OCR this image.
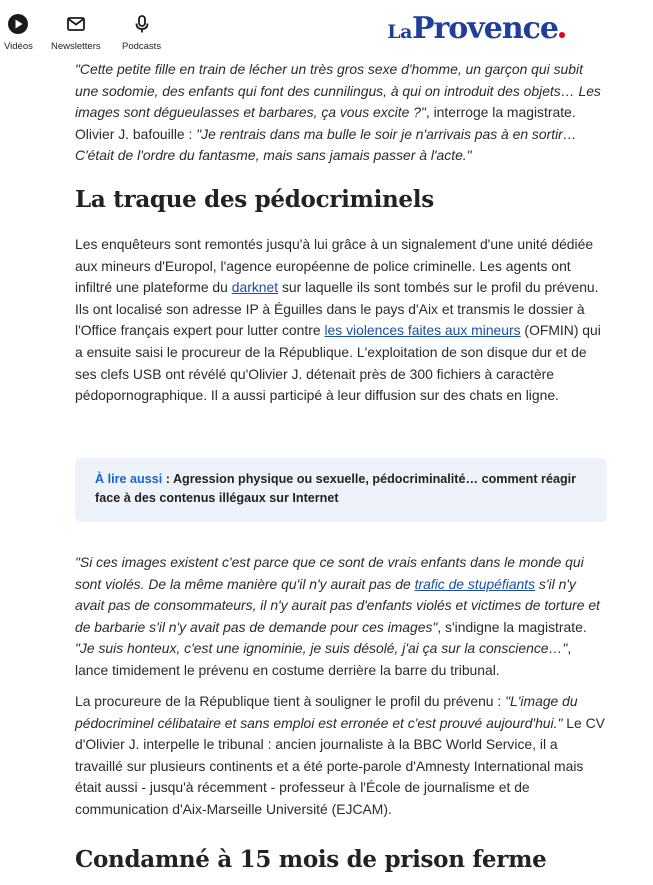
Vidéos Newsletters Podcasts
LaProvence

"Cette petite fille en train de lécher un très gros sexe d'homme, un garçon qui subit une sodomie, des enfants qui font des cunnilingus, à qui on introduit des objets… Les images sont dégueulasses et barbares, ça vous excite ?", interroge la magistrate. Olivier J. bafouille : "Je rentrais dans ma bulle le soir je n'arrivais pas à en sortir… C'était de l'ordre du fantasme, mais sans jamais passer à l'acte."

La traque des pédocriminels

Les enquêteurs sont remontés jusqu'à lui grâce à un signalement d'une unité dédiée aux mineurs d'Europol, l'agence européenne de police criminelle. Les agents ont infiltré une plateforme du darknet sur laquelle ils sont tombés sur le profil du prévenu. Ils ont localisé son adresse IP à Éguilles dans le pays d'Aix et transmis le dossier à l'Office français expert pour lutter contre les violences faites aux mineurs (OFMIN) qui a ensuite saisi le procureur de la République. L'exploitation de son disque dur et de ses clefs USB ont révélé qu'Olivier J. détenait près de 300 fichiers à caractère pédopornographique. Il a aussi participé à leur diffusion sur des chats en ligne.

À lire aussi : Agression physique ou sexuelle, pédocriminalité… comment réagir face à des contenus illégaux sur Internet

"Si ces images existent c'est parce que ce sont de vrais enfants dans le monde qui sont violés. De la même manière qu'il n'y aurait pas de trafic de stupéfiants s'il n'y avait pas de consommateurs, il n'y aurait pas d'enfants violés et victimes de torture et de barbarie s'il n'y avait pas de demande pour ces images", s'indigne la magistrate. "Je suis honteux, c'est une ignominie, je suis désolé, j'ai ça sur la conscience…", lance timidement le prévenu en costume derrière la barre du tribunal.

La procureure de la République tient à souligner le profil du prévenu : "L'image du pédocriminel célibataire et sans emploi est erronée et c'est prouvé aujourd'hui." Le CV d'Olivier J. interpelle le tribunal : ancien journaliste à la BBC World Service, il a travaillé sur plusieurs continents et a été porte-parole d'Amnesty International mais était aussi - jusqu'à récemment - professeur à l'École de journalisme et de communication d'Aix-Marseille Université (EJCAM).

Condamné à 15 mois de prison ferme
